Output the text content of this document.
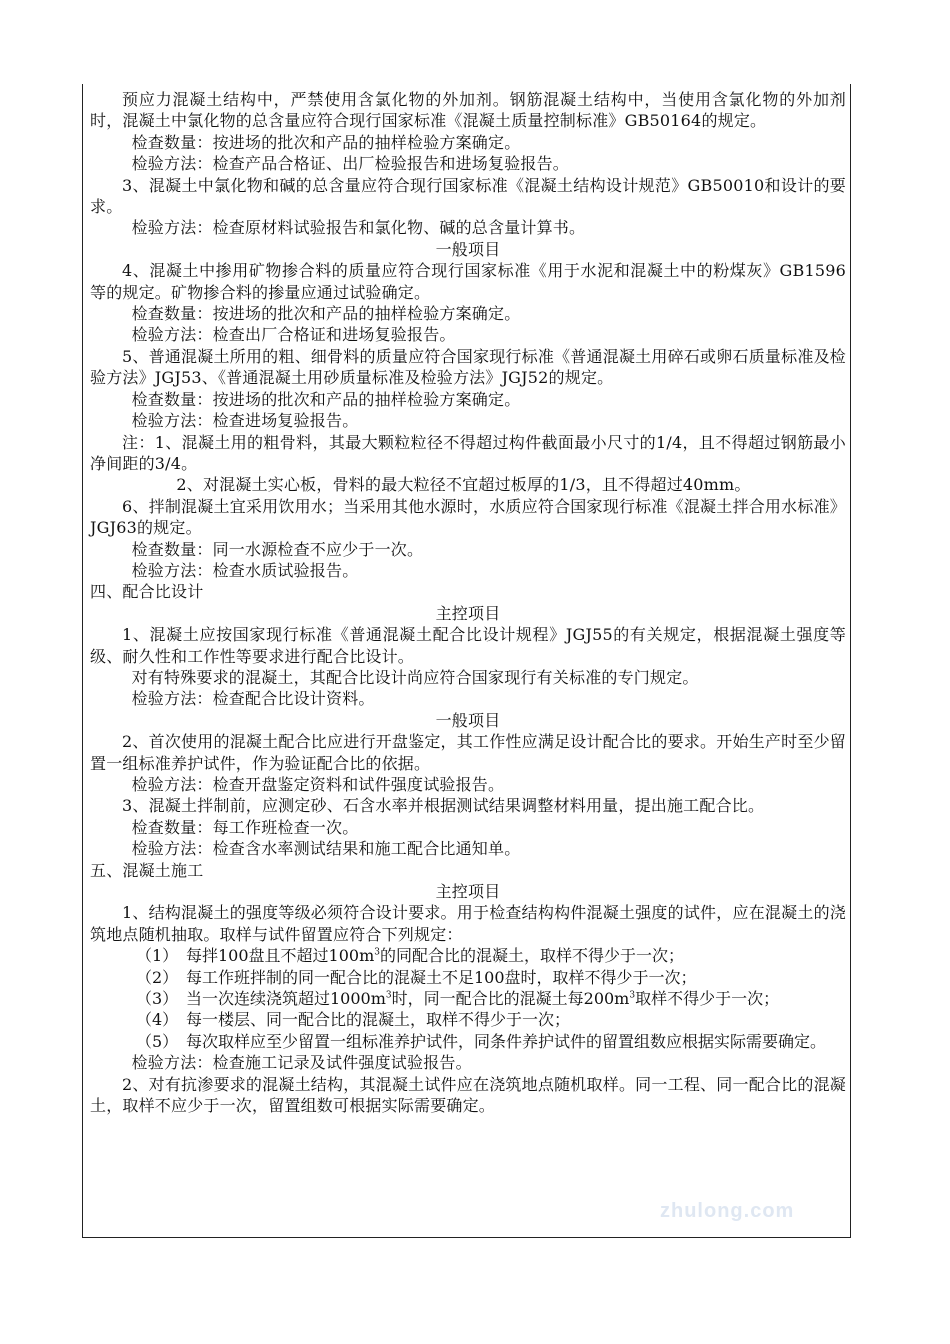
预应力混凝土结构中，严禁使用含氯化物的外加剂。钢筋混凝土结构中，当使用含氯化物的外加剂时，混凝土中氯化物的总含量应符合现行国家标准《混凝土质量控制标准》GB50164的规定。

检查数量：按进场的批次和产品的抽样检验方案确定。

检验方法：检查产品合格证、出厂检验报告和进场复验报告。

3、混凝土中氯化物和碱的总含量应符合现行国家标准《混凝土结构设计规范》GB50010和设计的要求。

检验方法：检查原材料试验报告和氯化物、碱的总含量计算书。

一般项目

4、混凝土中掺用矿物掺合料的质量应符合现行国家标准《用于水泥和混凝土中的粉煤灰》GB1596等的规定。矿物掺合料的掺量应通过试验确定。

检查数量：按进场的批次和产品的抽样检验方案确定。

检验方法：检查出厂合格证和进场复验报告。

5、普通混凝土所用的粗、细骨料的质量应符合国家现行标准《普通混凝土用碎石或卵石质量标准及检验方法》JGJ53、《普通混凝土用砂质量标准及检验方法》JGJ52的规定。

检查数量：按进场的批次和产品的抽样检验方案确定。

检验方法：检查进场复验报告。

注：1、混凝土用的粗骨料，其最大颗粒粒径不得超过构件截面最小尺寸的1/4，且不得超过钢筋最小净间距的3/4。

2、对混凝土实心板，骨料的最大粒径不宜超过板厚的1/3，且不得超过40mm。

6、拌制混凝土宜采用饮用水；当采用其他水源时，水质应符合国家现行标准《混凝土拌合用水标准》JGJ63的规定。

检查数量：同一水源检查不应少于一次。

检验方法：检查水质试验报告。

四、配合比设计

主控项目

1、混凝土应按国家现行标准《普通混凝土配合比设计规程》JGJ55的有关规定，根据混凝土强度等级、耐久性和工作性等要求进行配合比设计。

对有特殊要求的混凝土，其配合比设计尚应符合国家现行有关标准的专门规定。

检验方法：检查配合比设计资料。

一般项目

2、首次使用的混凝土配合比应进行开盘鉴定，其工作性应满足设计配合比的要求。开始生产时至少留置一组标准养护试件，作为验证配合比的依据。

检验方法：检查开盘鉴定资料和试件强度试验报告。

3、混凝土拌制前，应测定砂、石含水率并根据测试结果调整材料用量，提出施工配合比。

检查数量：每工作班检查一次。

检验方法：检查含水率测试结果和施工配合比通知单。

五、混凝土施工

主控项目

1、结构混凝土的强度等级必须符合设计要求。用于检查结构构件混凝土强度的试件，应在混凝土的浇筑地点随机抽取。取样与试件留置应符合下列规定：

（1） 每拌100盘且不超过$100m^3$的同配合比的混凝土，取样不得少于一次；
（2） 每工作班拌制的同一配合比的混凝土不足100盘时，取样不得少于一次；
（3） 当一次连续浇筑超过$1000m^3$时，同一配合比的混凝土每$200m^3$取样不得少于一次；
（4） 每一楼层、同一配合比的混凝土，取样不得少于一次；
（5） 每次取样应至少留置一组标准养护试件，同条件养护试件的留置组数应根据实际需要确定。

检验方法：检查施工记录及试件强度试验报告。

2、对有抗渗要求的混凝土结构，其混凝土试件应在浇筑地点随机取样。同一工程、同一配合比的混凝土，取样不应少于一次，留置组数可根据实际需要确定。

zhulong.com
